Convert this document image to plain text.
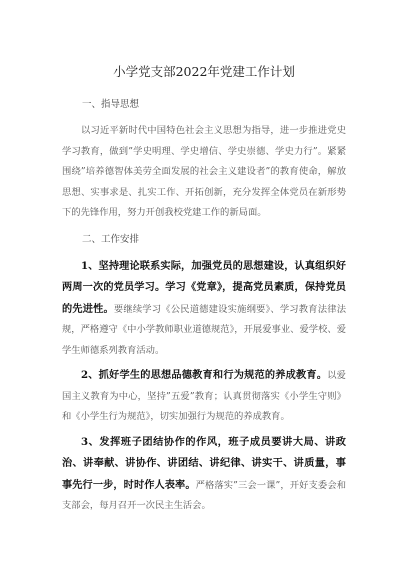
小学党支部2022年党建工作计划
一、指导思想

以习近平新时代中国特色社会主义思想为指导，进一步推进党史学习教育，做到”学史明理、学史增信、学史崇德、学史力行”。紧紧围绕”培养德智体美劳全面发展的社会主义建设者”的教育使命，解放思想、实事求是、扎实工作、开拓创新，充分发挥全体党员在新形势下的先锋作用，努力开创我校党建工作的新局面。

二、工作安排

1、坚持理论联系实际，加强党员的思想建设，认真组织好两周一次的党员学习。学习《党章》，提高党员素质，保持党员的先进性。要继续学习《公民道德建设实施纲要》、学习教育法律法规，严格遵守《中小学教师职业道德规范》，开展爱事业、爱学校、爱学生师德系列教育活动。

2、抓好学生的思想品德教育和行为规范的养成教育。以爱国主义教育为中心，坚持”五爱”教育；认真贯彻落实《小学生守则》和《小学生行为规范》，切实加强行为规范的养成教育。

3、发挥班子团结协作的作风，班子成员要讲大局、讲政治、讲奉献、讲协作、讲团结、讲纪律、讲实干、讲质量，事事先行一步，时时作人表率。严格落实”三会一课”，开好支委会和支部会，每月召开一次民主生活会。
